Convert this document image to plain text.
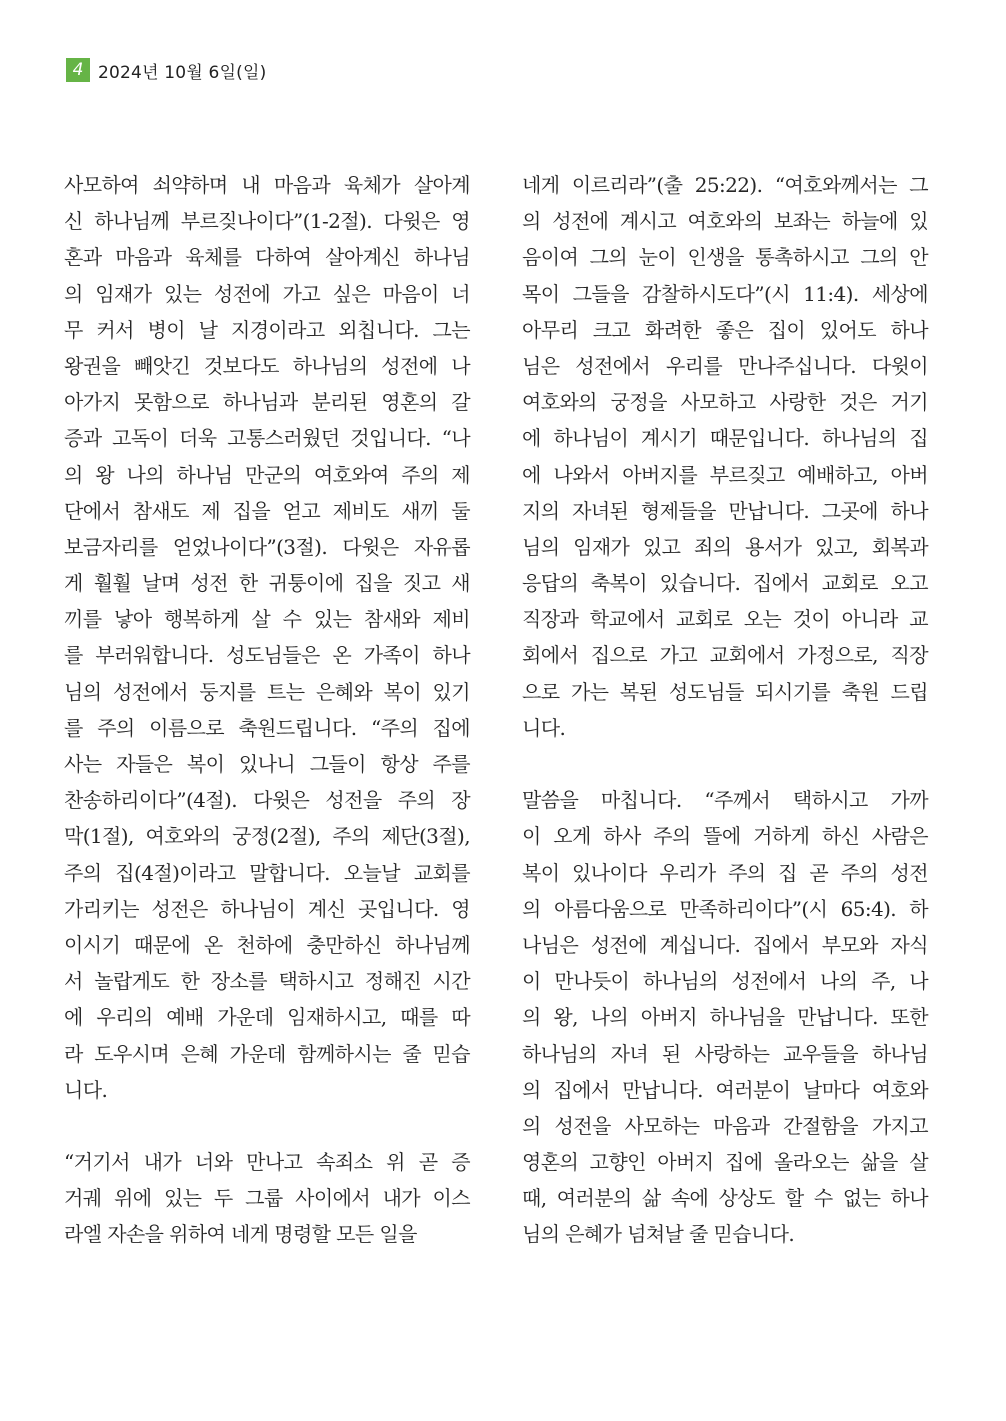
4 2024년 10월 6일(일)
사모하여 쇠약하며 내 마음과 육체가 살아계
신 하나님께 부르짖나이다”(1-2절). 다윗은 영
혼과 마음과 육체를 다하여 살아계신 하나님
의 임재가 있는 성전에 가고 싶은 마음이 너
무 커서 병이 날 지경이라고 외칩니다. 그는
왕권을 빼앗긴 것보다도 하나님의 성전에 나
아가지 못함으로 하나님과 분리된 영혼의 갈
증과 고독이 더욱 고통스러웠던 것입니다. “나
의 왕 나의 하나님 만군의 여호와여 주의 제
단에서 참새도 제 집을 얻고 제비도 새끼 둘
보금자리를 얻었나이다”(3절). 다윗은 자유롭
게 훨훨 날며 성전 한 귀퉁이에 집을 짓고 새
끼를 낳아 행복하게 살 수 있는 참새와 제비
를 부러워합니다. 성도님들은 온 가족이 하나
님의 성전에서 둥지를 트는 은혜와 복이 있기
를 주의 이름으로 축원드립니다. “주의 집에
사는 자들은 복이 있나니 그들이 항상 주를
찬송하리이다”(4절). 다윗은 성전을 주의 장
막(1절), 여호와의 궁정(2절), 주의 제단(3절),
주의 집(4절)이라고 말합니다. 오늘날 교회를
가리키는 성전은 하나님이 계신 곳입니다. 영
이시기 때문에 온 천하에 충만하신 하나님께
서 놀랍게도 한 장소를 택하시고 정해진 시간
에 우리의 예배 가운데 임재하시고, 때를 따
라 도우시며 은혜 가운데 함께하시는 줄 믿습
니다.
“거기서 내가 너와 만나고 속죄소 위 곧 증
거궤 위에 있는 두 그룹 사이에서 내가 이스
라엘 자손을 위하여 네게 명령할 모든 일을
네게 이르리라”(출 25:22). “여호와께서는 그
의 성전에 계시고 여호와의 보좌는 하늘에 있
음이여 그의 눈이 인생을 통촉하시고 그의 안
목이 그들을 감찰하시도다”(시 11:4). 세상에
아무리 크고 화려한 좋은 집이 있어도 하나
님은 성전에서 우리를 만나주십니다. 다윗이
여호와의 궁정을 사모하고 사랑한 것은 거기
에 하나님이 계시기 때문입니다. 하나님의 집
에 나와서 아버지를 부르짖고 예배하고, 아버
지의 자녀된 형제들을 만납니다. 그곳에 하나
님의 임재가 있고 죄의 용서가 있고, 회복과
응답의 축복이 있습니다. 집에서 교회로 오고
직장과 학교에서 교회로 오는 것이 아니라 교
회에서 집으로 가고 교회에서 가정으로, 직장
으로 가는 복된 성도님들 되시기를 축원 드립
니다.
말씀을 마칩니다. “주께서 택하시고 가까
이 오게 하사 주의 뜰에 거하게 하신 사람은
복이 있나이다 우리가 주의 집 곧 주의 성전
의 아름다움으로 만족하리이다”(시 65:4). 하
나님은 성전에 계십니다. 집에서 부모와 자식
이 만나듯이 하나님의 성전에서 나의 주, 나
의 왕, 나의 아버지 하나님을 만납니다. 또한
하나님의 자녀 된 사랑하는 교우들을 하나님
의 집에서 만납니다. 여러분이 날마다 여호와
의 성전을 사모하는 마음과 간절함을 가지고
영혼의 고향인 아버지 집에 올라오는 삶을 살
때, 여러분의 삶 속에 상상도 할 수 없는 하나
님의 은혜가 넘쳐날 줄 믿습니다.
